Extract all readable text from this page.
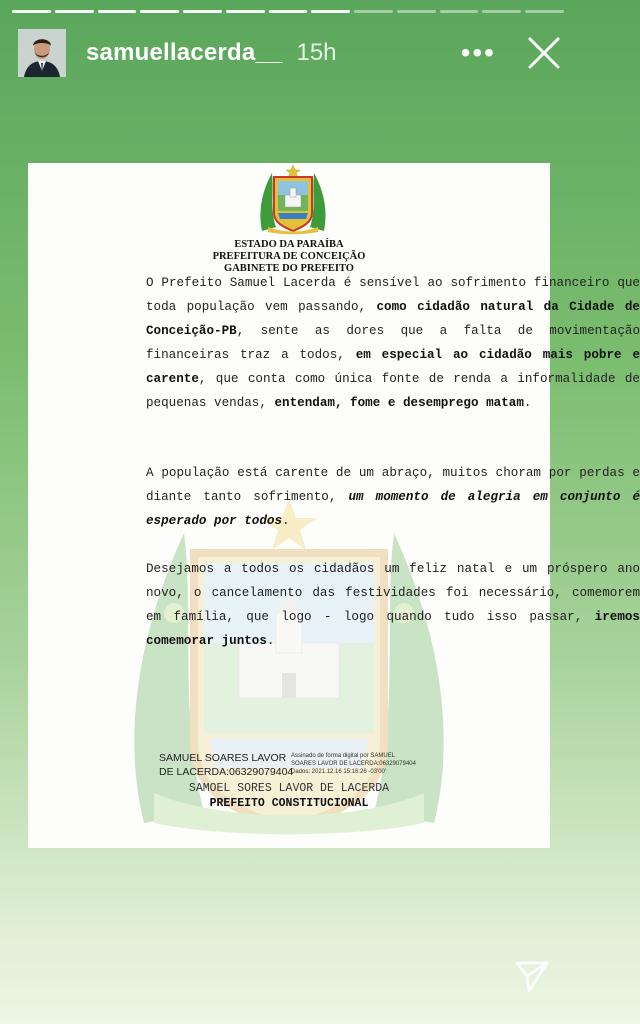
samuellacerda__ 15h	•••
ESTADO DA PARAÍBA
PREFEITURA DE CONCEIÇÃO
GABINETE DO PREFEITO

O Prefeito Samuel Lacerda é sensível ao sofrimento financeiro que toda população vem passando, como cidadão natural da Cidade de Conceição-PB, sente as dores que a falta de movimentação financeiras traz a todos, em especial ao cidadão mais pobre e carente, que conta como única fonte de renda a informalidade de pequenas vendas, entendam, fome e desemprego matam.

A população está carente de um abraço, muitos choram por perdas e diante tanto sofrimento, um momento de alegria em conjunto é esperado por todos.

Desejamos a todos os cidadãos um feliz natal e um próspero ano novo, o cancelamento das festividades foi necessário, comemorem em família, que logo - logo quando tudo isso passar, iremos comemorar juntos.

SAMUEL SOARES LAVOR
DE LACERDA:06329079404
Assinado de forma digital por SAMUEL
SOARES LAVOR DE LACERDA:06329079404
Dados: 2021.12.16 15:16:26 -03'00'
SAMOEL SORES LAVOR DE LACERDA
PREFEITO CONSTITUCIONAL
